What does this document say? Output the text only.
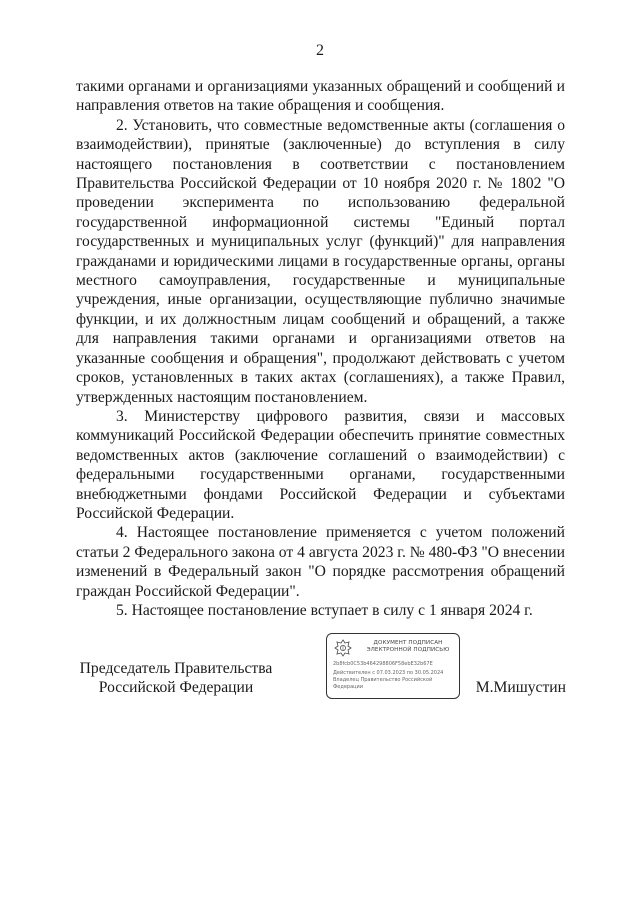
2

такими органами и организациями указанных обращений и сообщений и направления ответов на такие обращения и сообщения.

2. Установить, что совместные ведомственные акты (соглашения о взаимодействии), принятые (заключенные) до вступления в силу настоящего постановления в соответствии с постановлением Правительства Российской Федерации от 10 ноября 2020 г. № 1802 "О проведении эксперимента по использованию федеральной государственной информационной системы "Единый портал государственных и муниципальных услуг (функций)" для направления гражданами и юридическими лицами в государственные органы, органы местного самоуправления, государственные и муниципальные учреждения, иные организации, осуществляющие публично значимые функции, и их должностным лицам сообщений и обращений, а также для направления такими органами и организациями ответов на указанные сообщения и обращения", продолжают действовать с учетом сроков, установленных в таких актах (соглашениях), а также Правил, утвержденных настоящим постановлением.

3. Министерству цифрового развития, связи и массовых коммуникаций Российской Федерации обеспечить принятие совместных ведомственных актов (заключение соглашений о взаимодействии) с федеральными государственными органами, государственными внебюджетными фондами Российской Федерации и субъектами Российской Федерации.

4. Настоящее постановление применяется с учетом положений статьи 2 Федерального закона от 4 августа 2023 г. № 480-ФЗ "О внесении изменений в Федеральный закон "О порядке рассмотрения обращений граждан Российской Федерации".

5. Настоящее постановление вступает в силу с 1 января 2024 г.

Председатель Правительства
Российской Федерации
ДОКУМЕНТ ПОДПИСАН
ЭЛЕКТРОННОЙ ПОДПИСЬЮ
2b8fcb0C53b464298806F58ebE32b67E
Действителен с 07.03.2023 по 30.05.2024
Владелец Правительство Российской
Федерации	М.Мишустин
